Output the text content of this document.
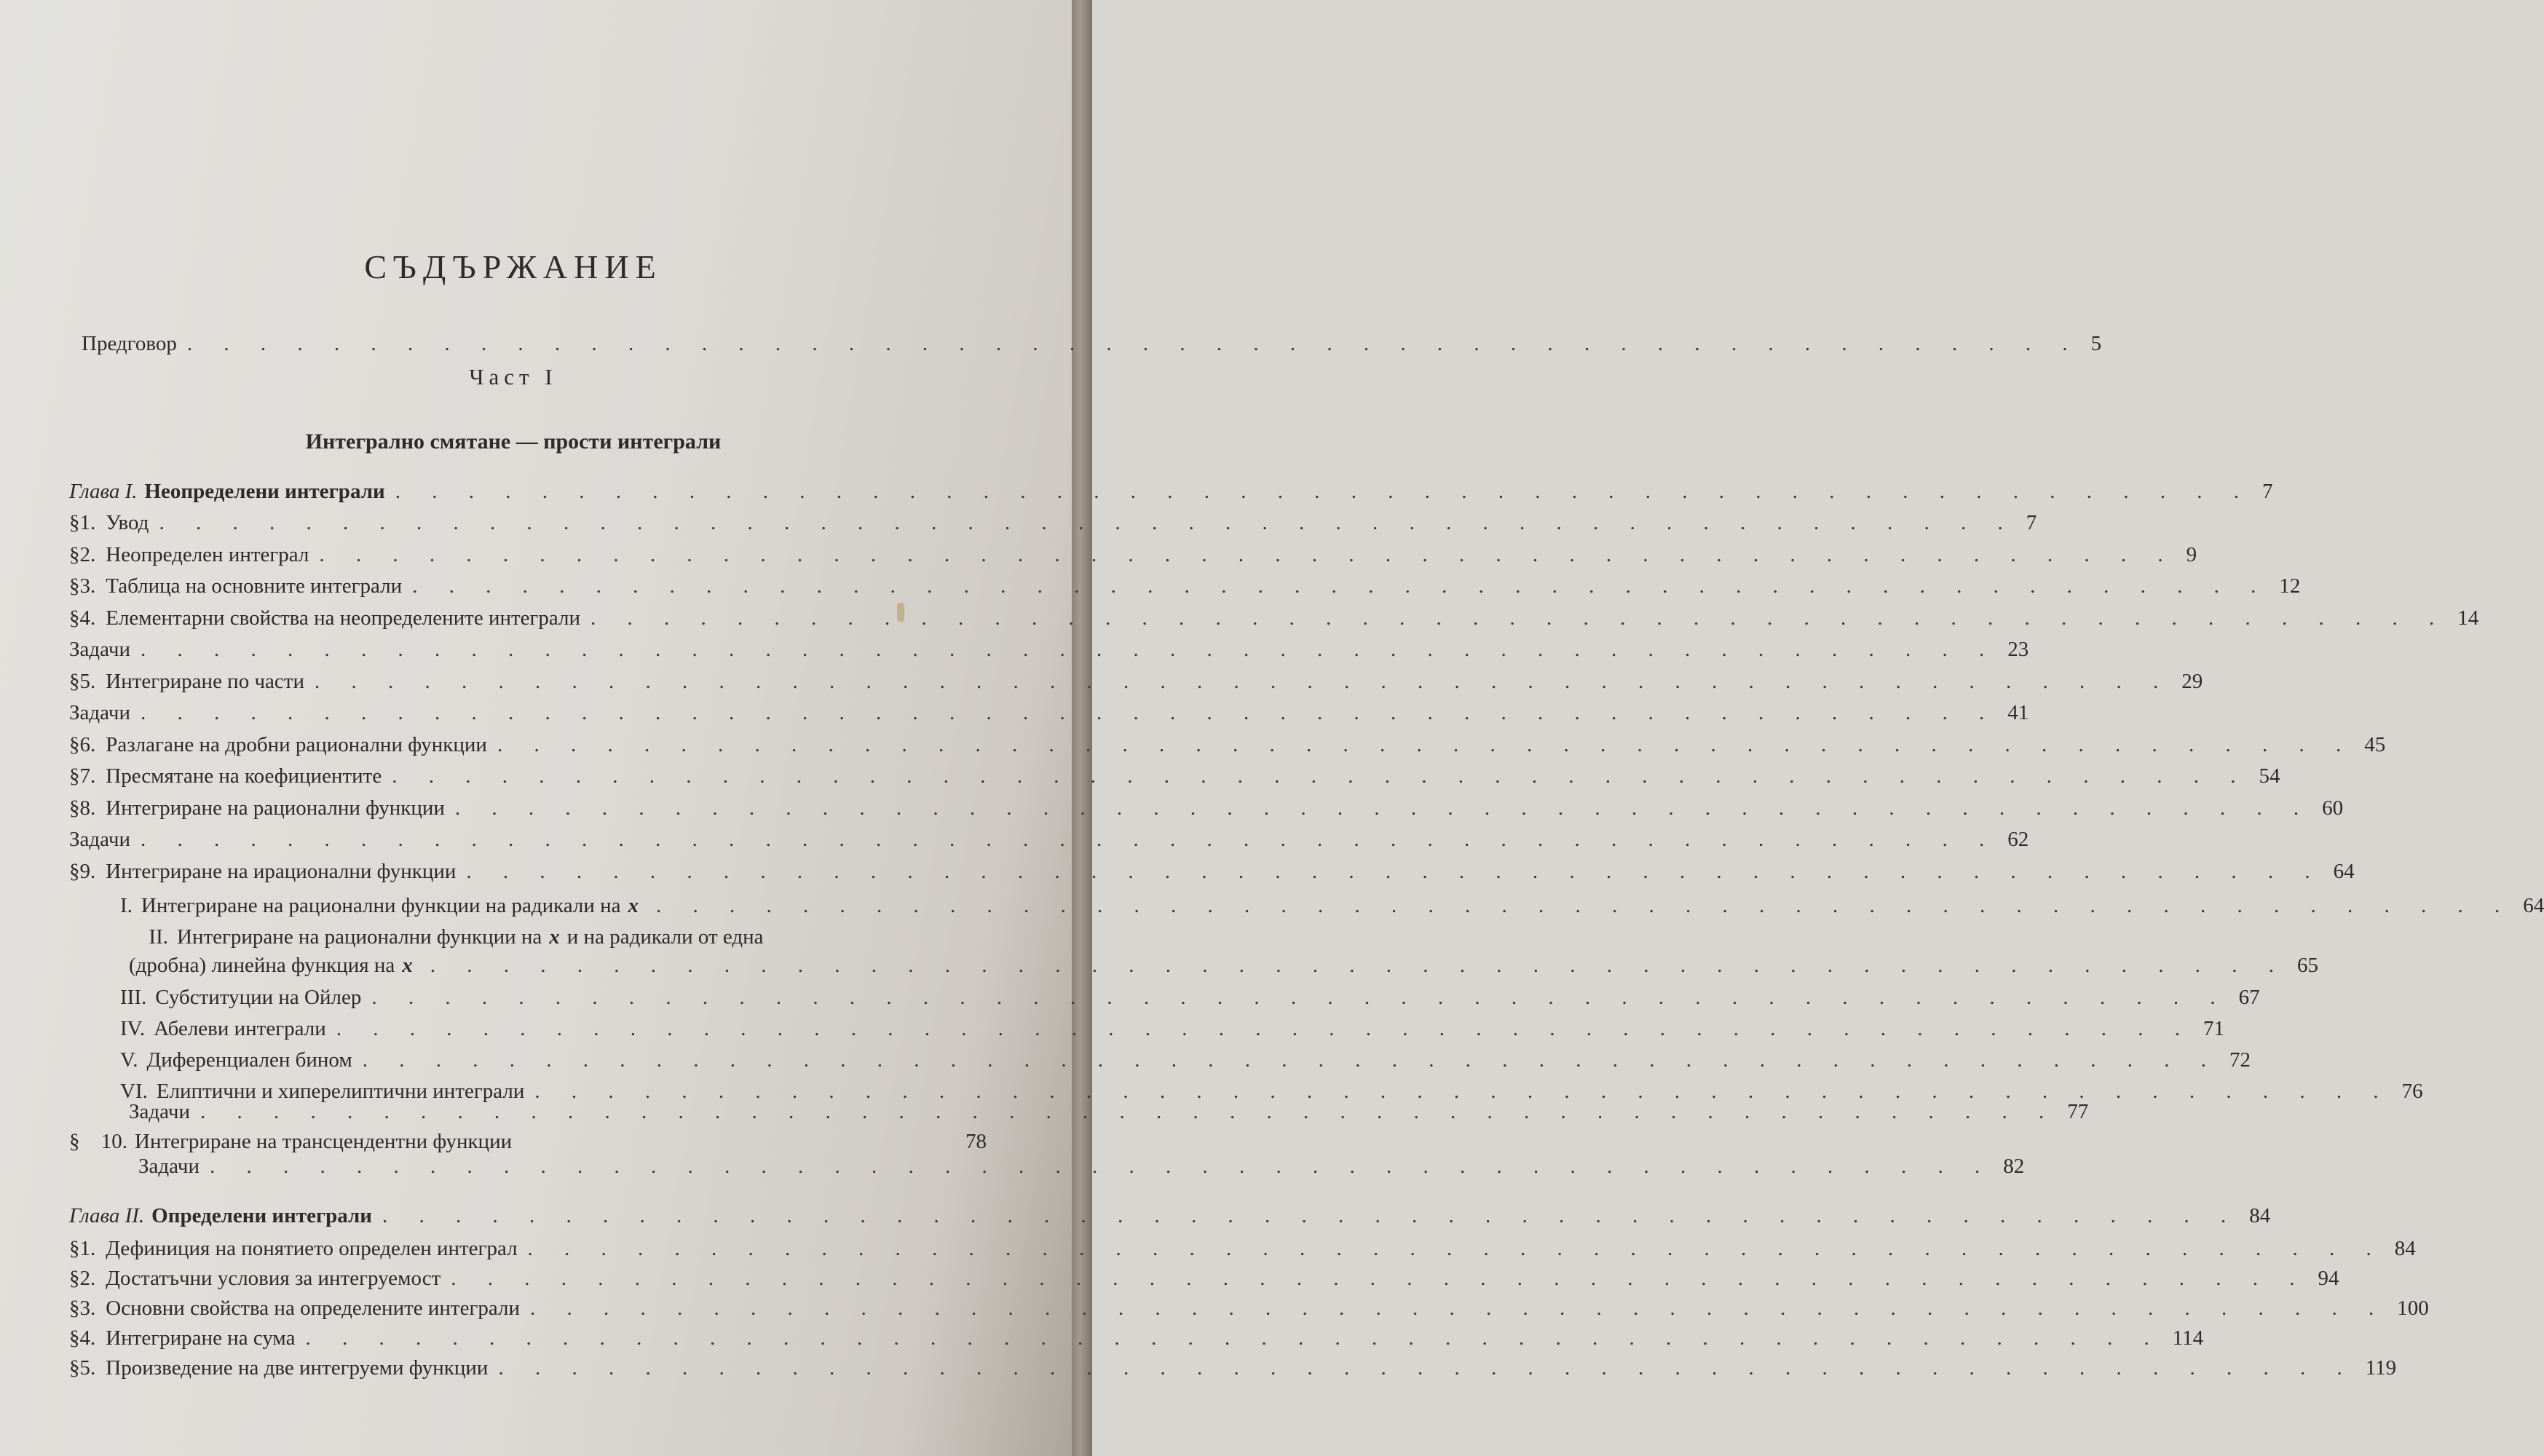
СЪДЪРЖАНИЕ
Предговор . . . . . . . . . . . . . . . . . . . . . . . . . . . . . . . . . . . . . . . . . . . . . . . . . . . . 5
Част I
Интегрално смятане — прости интеграли
Глава I. Неопределени интеграли . . . . . . . . . . . . . . . . . . . . . . . . . . . . . . . . . . . . . . . . . . . . . . . . . . . 7
§ 1. Увод . . . . . . . . . . . . . . . . . . . . . . . . . . . . . . . . . . . . . . . . . . . . . . . . . . . 7
§ 2. Неопределен интеграл . . . . . . . . . . . . . . . . . . . . . . . . . . . . . . . . . . . . . . . . . . . . . . . . . . . 9
§ 3. Таблица на основните интеграли . . . . . . . . . . . . . . . . . . . . . . . . . . . . . . . . . . . . . . . . . . . . . . . . . . . 12
§ 4. Елементарни свойства на неопределените интеграли . . . . . . . . . . . . . . . . . . . . . . . . . . . . . . . . . . . . . . . . . . . . . . . . . . . 14
Задачи . . . . . . . . . . . . . . . . . . . . . . . . . . . . . . . . . . . . . . . . . . . . . . . . . . . 23
§ 5. Интегриране по части . . . . . . . . . . . . . . . . . . . . . . . . . . . . . . . . . . . . . . . . . . . . . . . . . . . 29
Задачи . . . . . . . . . . . . . . . . . . . . . . . . . . . . . . . . . . . . . . . . . . . . . . . . . . . 41
§ 6. Разлагане на дробни рационални функции . . . . . . . . . . . . . . . . . . . . . . . . . . . . . . . . . . . . . . . . . . . . . . . . . . . 45
§ 7. Пресмятане на коефициентите . . . . . . . . . . . . . . . . . . . . . . . . . . . . . . . . . . . . . . . . . . . . . . . . . . . 54
§ 8. Интегриране на рационални функции . . . . . . . . . . . . . . . . . . . . . . . . . . . . . . . . . . . . . . . . . . . . . . . . . . . 60
Задачи . . . . . . . . . . . . . . . . . . . . . . . . . . . . . . . . . . . . . . . . . . . . . . . . . . . 62
§ 9. Интегриране на ирационални функции . . . . . . . . . . . . . . . . . . . . . . . . . . . . . . . . . . . . . . . . . . . . . . . . . . . 64
I. Интегриране на рационални функции на радикали на x . . . . . . . . . . . . . . . . . . . . . . . . . . . . . . . . . . . . . . . . . . . . . . . . . . . 64
II. Интегриране на рационални функции на x и на радикали от една
(дробна) линейна функция на x . . . . . . . . . . . . . . . . . . . . . . . . . . . . . . . . . . . . . . . . . . . . . . . . . . . 65
III. Субституции на Ойлер . . . . . . . . . . . . . . . . . . . . . . . . . . . . . . . . . . . . . . . . . . . . . . . . . . . 67
IV. Абелеви интеграли . . . . . . . . . . . . . . . . . . . . . . . . . . . . . . . . . . . . . . . . . . . . . . . . . . . 71
V. Диференциален бином . . . . . . . . . . . . . . . . . . . . . . . . . . . . . . . . . . . . . . . . . . . . . . . . . . . 72
VI. Елиптични и хиперелиптични интеграли . . . . . . . . . . . . . . . . . . . . . . . . . . . . . . . . . . . . . . . . . . . . . . . . . . . 76
Задачи . . . . . . . . . . . . . . . . . . . . . . . . . . . . . . . . . . . . . . . . . . . . . . . . . . . 77
§	10. Интегриране на трансцендентни функции	78
Задачи . . . . . . . . . . . . . . . . . . . . . . . . . . . . . . . . . . . . . . . . . . . . . . . . . 82
Глава II. Определени интеграли . . . . . . . . . . . . . . . . . . . . . . . . . . . . . . . . . . . . . . . . . . . . . . . . . . . 84
§ 1. Дефиниция на понятието определен интеграл . . . . . . . . . . . . . . . . . . . . . . . . . . . . . . . . . . . . . . . . . . . . . . . . . . . 84
§ 2. Достатъчни условия за интегруемост . . . . . . . . . . . . . . . . . . . . . . . . . . . . . . . . . . . . . . . . . . . . . . . . . . . 94
§ 3. Основни свойства на определените интеграли . . . . . . . . . . . . . . . . . . . . . . . . . . . . . . . . . . . . . . . . . . . . . . . . . . . 100
§ 4. Интегриране на сума . . . . . . . . . . . . . . . . . . . . . . . . . . . . . . . . . . . . . . . . . . . . . . . . . . . 114
§ 5. Произведение на две интегруеми функции . . . . . . . . . . . . . . . . . . . . . . . . . . . . . . . . . . . . . . . . . . . . . . . . . . . 119
